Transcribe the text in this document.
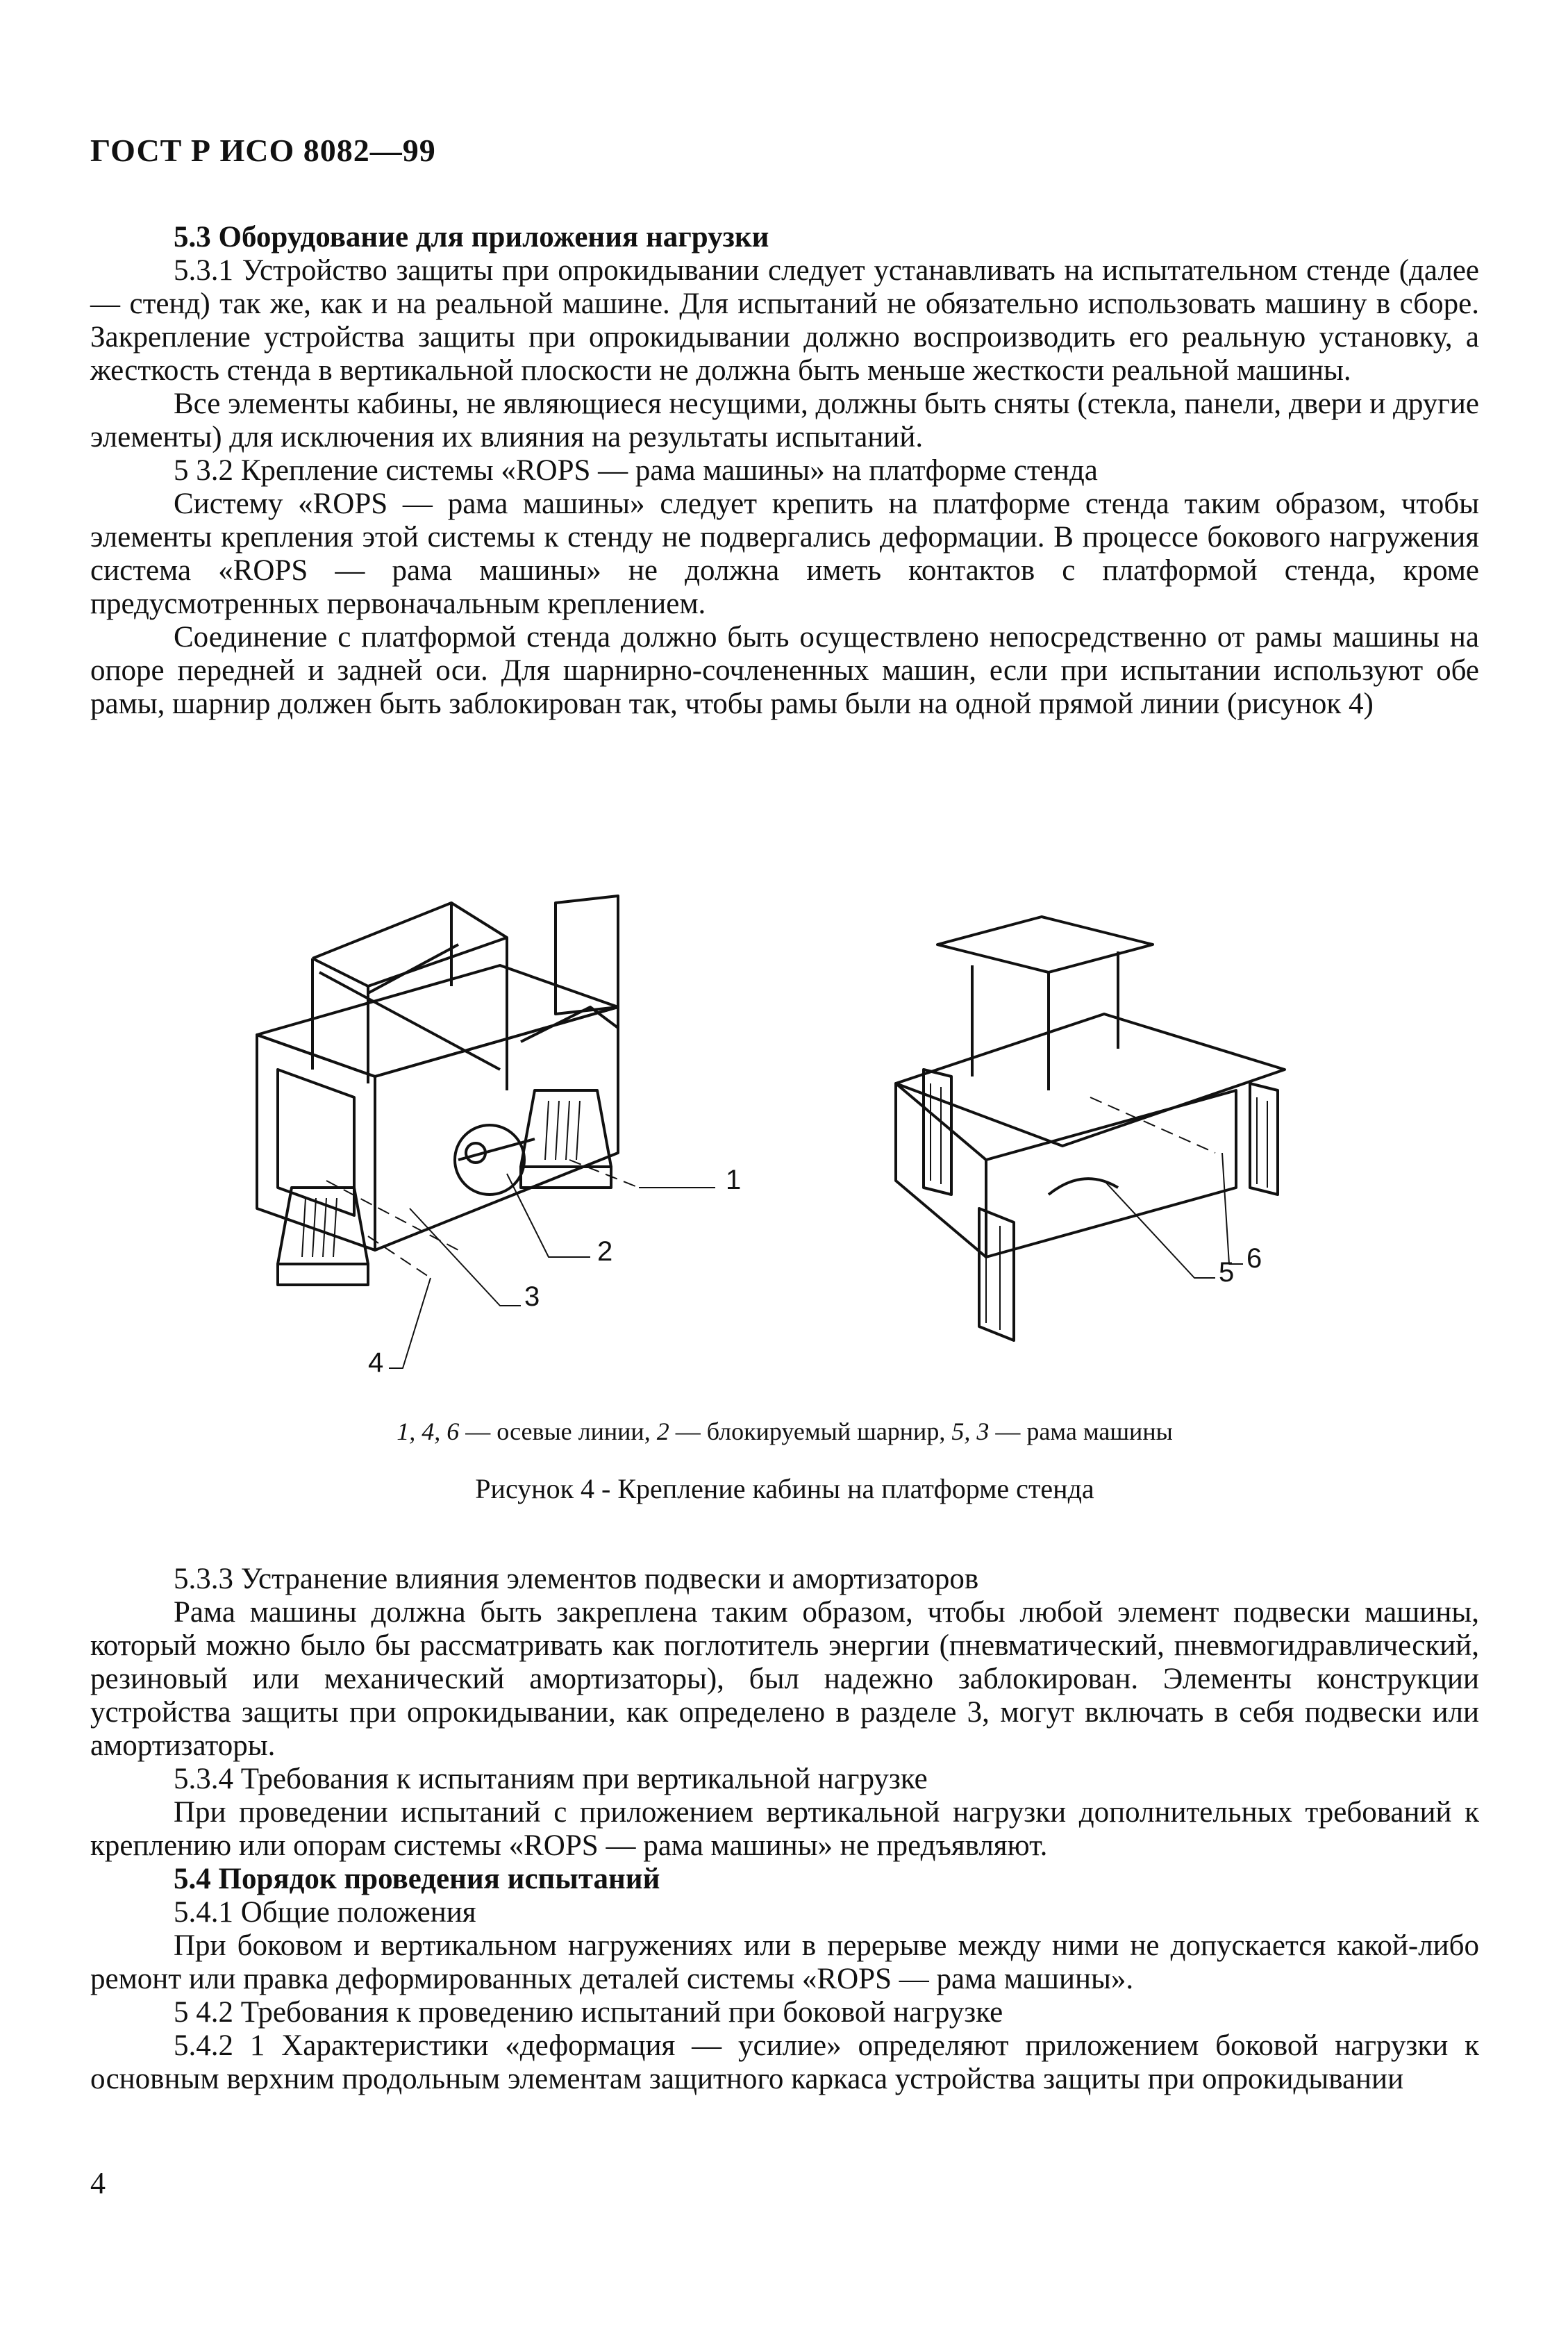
ГОСТ Р ИСО 8082—99

5.3 Оборудование для приложения нагрузки

5.3.1 Устройство защиты при опрокидывании следует устанавливать на испытательном стенде (далее — стенд) так же, как и на реальной машине. Для испытаний не обязательно использовать машину в сборе. Закрепление устройства защиты при опрокидывании должно воспроизводить его реальную установку, а жесткость стенда в вертикальной плоскости не должна быть меньше жесткости реальной машины.

Все элементы кабины, не являющиеся несущими, должны быть сняты (стекла, панели, двери и другие элементы) для исключения их влияния на результаты испытаний.

5 3.2 Крепление системы «ROPS — рама машины» на платформе стенда

Систему «ROPS — рама машины» следует крепить на платформе стенда таким образом, чтобы элементы крепления этой системы к стенду не подвергались деформации. В процессе бокового нагружения система «ROPS — рама машины» не должна иметь контактов с платформой стенда, кроме предусмотренных первоначальным креплением.

Соединение с платформой стенда должно быть осуществлено непосредственно от рамы машины на опоре передней и задней оси. Для шарнирно-сочлененных машин, если при испытании используют обе рамы, шарнир должен быть заблокирован так, чтобы рамы были на одной прямой линии (рисунок 4)

1
2
3
4
5 6
1, 4, 6 — осевые линии, 2 — блокируемый шарнир, 5, 3 — рама машины
Рисунок 4 - Крепление кабины на платформе стенда

5.3.3 Устранение влияния элементов подвески и амортизаторов

Рама машины должна быть закреплена таким образом, чтобы любой элемент подвески машины, который можно было бы рассматривать как поглотитель энергии (пневматический, пневмогидравлический, резиновый или механический амортизаторы), был надежно заблокирован. Элементы конструкции устройства защиты при опрокидывании, как определено в разделе 3, могут включать в себя подвески или амортизаторы.

5.3.4 Требования к испытаниям при вертикальной нагрузке

При проведении испытаний с приложением вертикальной нагрузки дополнительных требований к креплению или опорам системы «ROPS — рама машины» не предъявляют.

5.4 Порядок проведения испытаний

5.4.1 Общие положения

При боковом и вертикальном нагружениях или в перерыве между ними не допускается какой-либо ремонт или правка деформированных деталей системы «ROPS — рама машины».

5 4.2 Требования к проведению испытаний при боковой нагрузке

5.4.2 1 Характеристики «деформация — усилие» определяют приложением боковой нагрузки к основным верхним продольным элементам защитного каркаса устройства защиты при опрокидывании

4
